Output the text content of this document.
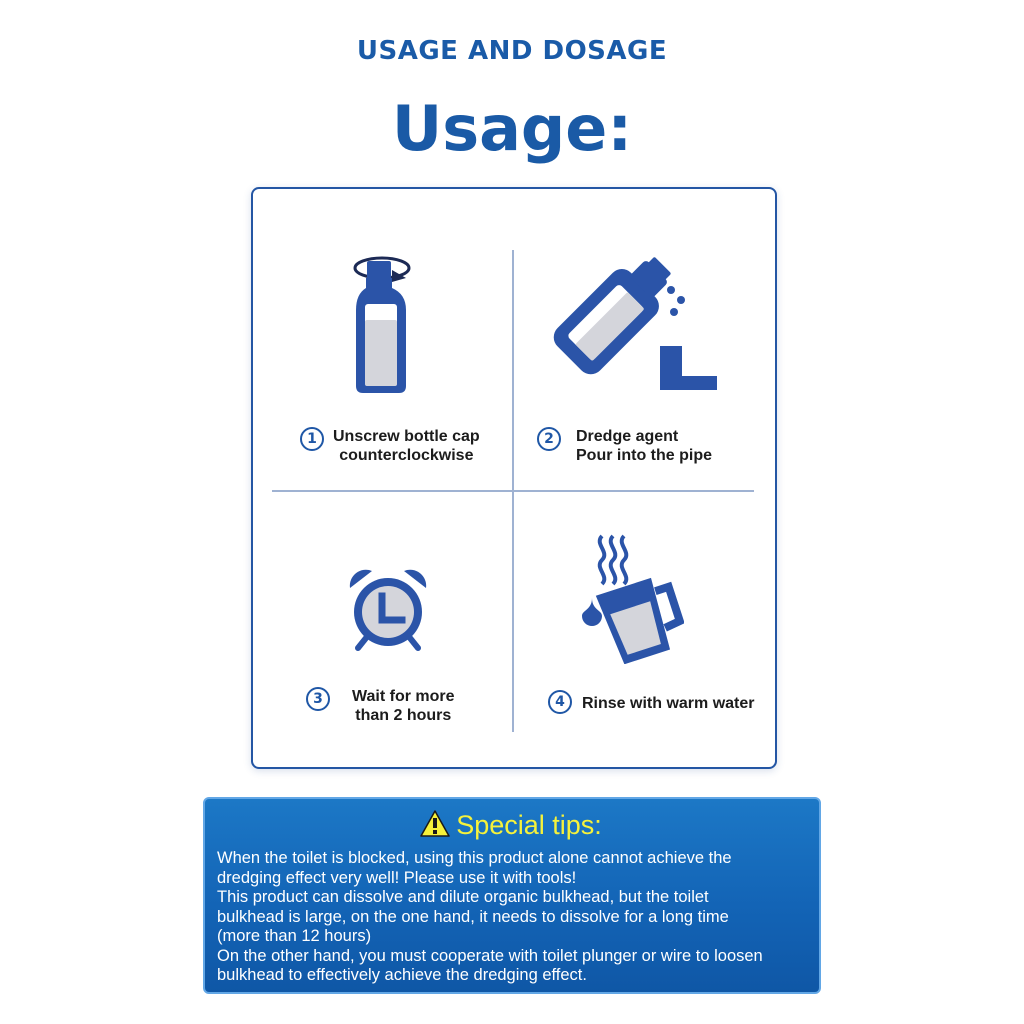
USAGE AND DOSAGE
Usage:
1	Unscrew bottle cap
counterclockwise
2	Dredge agent
Pour into the pipe
3	Wait for more
than 2 hours
4	Rinse with warm water
Special tips:
When the toilet is blocked, using this product alone cannot achieve the
dredging effect very well! Please use it with tools!
This product can dissolve and dilute organic bulkhead, but the toilet
bulkhead is large, on the one hand, it needs to dissolve for a long time
(more than 12 hours)
On the other hand, you must cooperate with toilet plunger or wire to loosen
bulkhead to effectively achieve the dredging effect.
